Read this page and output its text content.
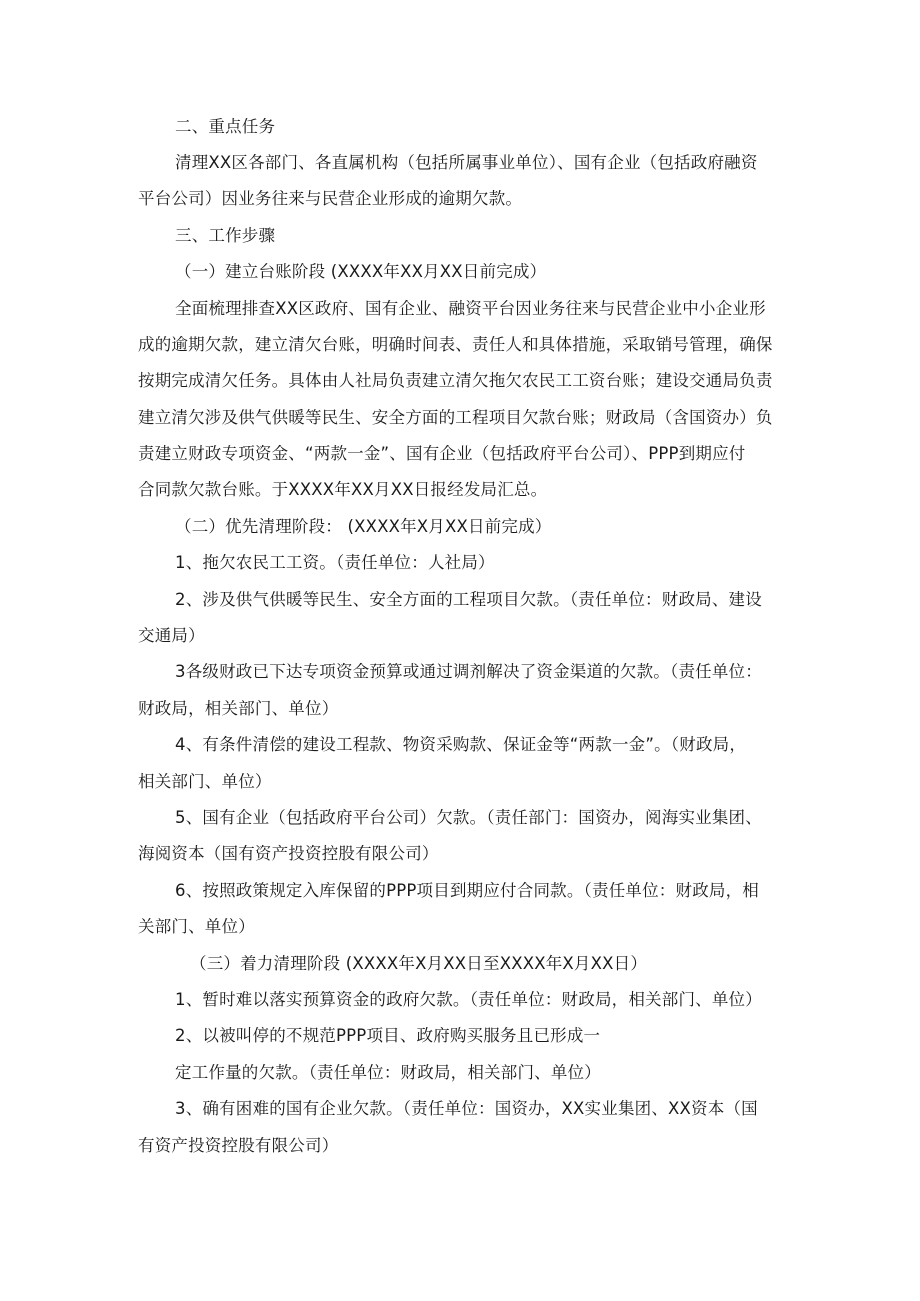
二、重点任务
清理XX区各部门、各直属机构（包括所属事业单位）、国有企业（包括政府融资
平台公司）因业务往来与民营企业形成的逾期欠款。
三、工作步骤
（一）建立台账阶段 (XXXX年XX月XX日前完成）
全面梳理排查XX区政府、国有企业、融资平台因业务往来与民营企业中小企业形
成的逾期欠款，建立清欠台账，明确时间表、责任人和具体措施，采取销号管理，确保
按期完成清欠任务。具体由人社局负责建立清欠拖欠农民工工资台账；建设交通局负责
建立清欠涉及供气供暖等民生、安全方面的工程项目欠款台账；财政局（含国资办）负
责建立财政专项资金、“两款一金”、国有企业（包括政府平台公司）、PPP到期应付
合同款欠款台账。于XXXX年XX月XX日报经发局汇总。
（二）优先清理阶段： (XXXX年X月XX日前完成）
1、拖欠农民工工资。（责任单位：人社局）
2、涉及供气供暖等民生、安全方面的工程项目欠款。（责任单位：财政局、建设
交通局）
3各级财政已下达专项资金预算或通过调剂解决了资金渠道的欠款。（责任单位：
财政局，相关部门、单位）
4、有条件清偿的建设工程款、物资采购款、保证金等“两款一金”。（财政局，
相关部门、单位）
5、国有企业（包括政府平台公司）欠款。（责任部门：国资办，阅海实业集团、
海阅资本（国有资产投资控股有限公司）
6、按照政策规定入库保留的PPP项目到期应付合同款。（责任单位：财政局，相
关部门、单位）
（三）着力清理阶段 (XXXX年X月XX日至XXXX年X月XX日）
1、暂时难以落实预算资金的政府欠款。（责任单位：财政局，相关部门、单位）
2、以被叫停的不规范PPP项目、政府购买服务且已形成一
定工作量的欠款。（责任单位：财政局，相关部门、单位）
3、确有困难的国有企业欠款。（责任单位：国资办，XX实业集团、XX资本（国
有资产投资控股有限公司）
